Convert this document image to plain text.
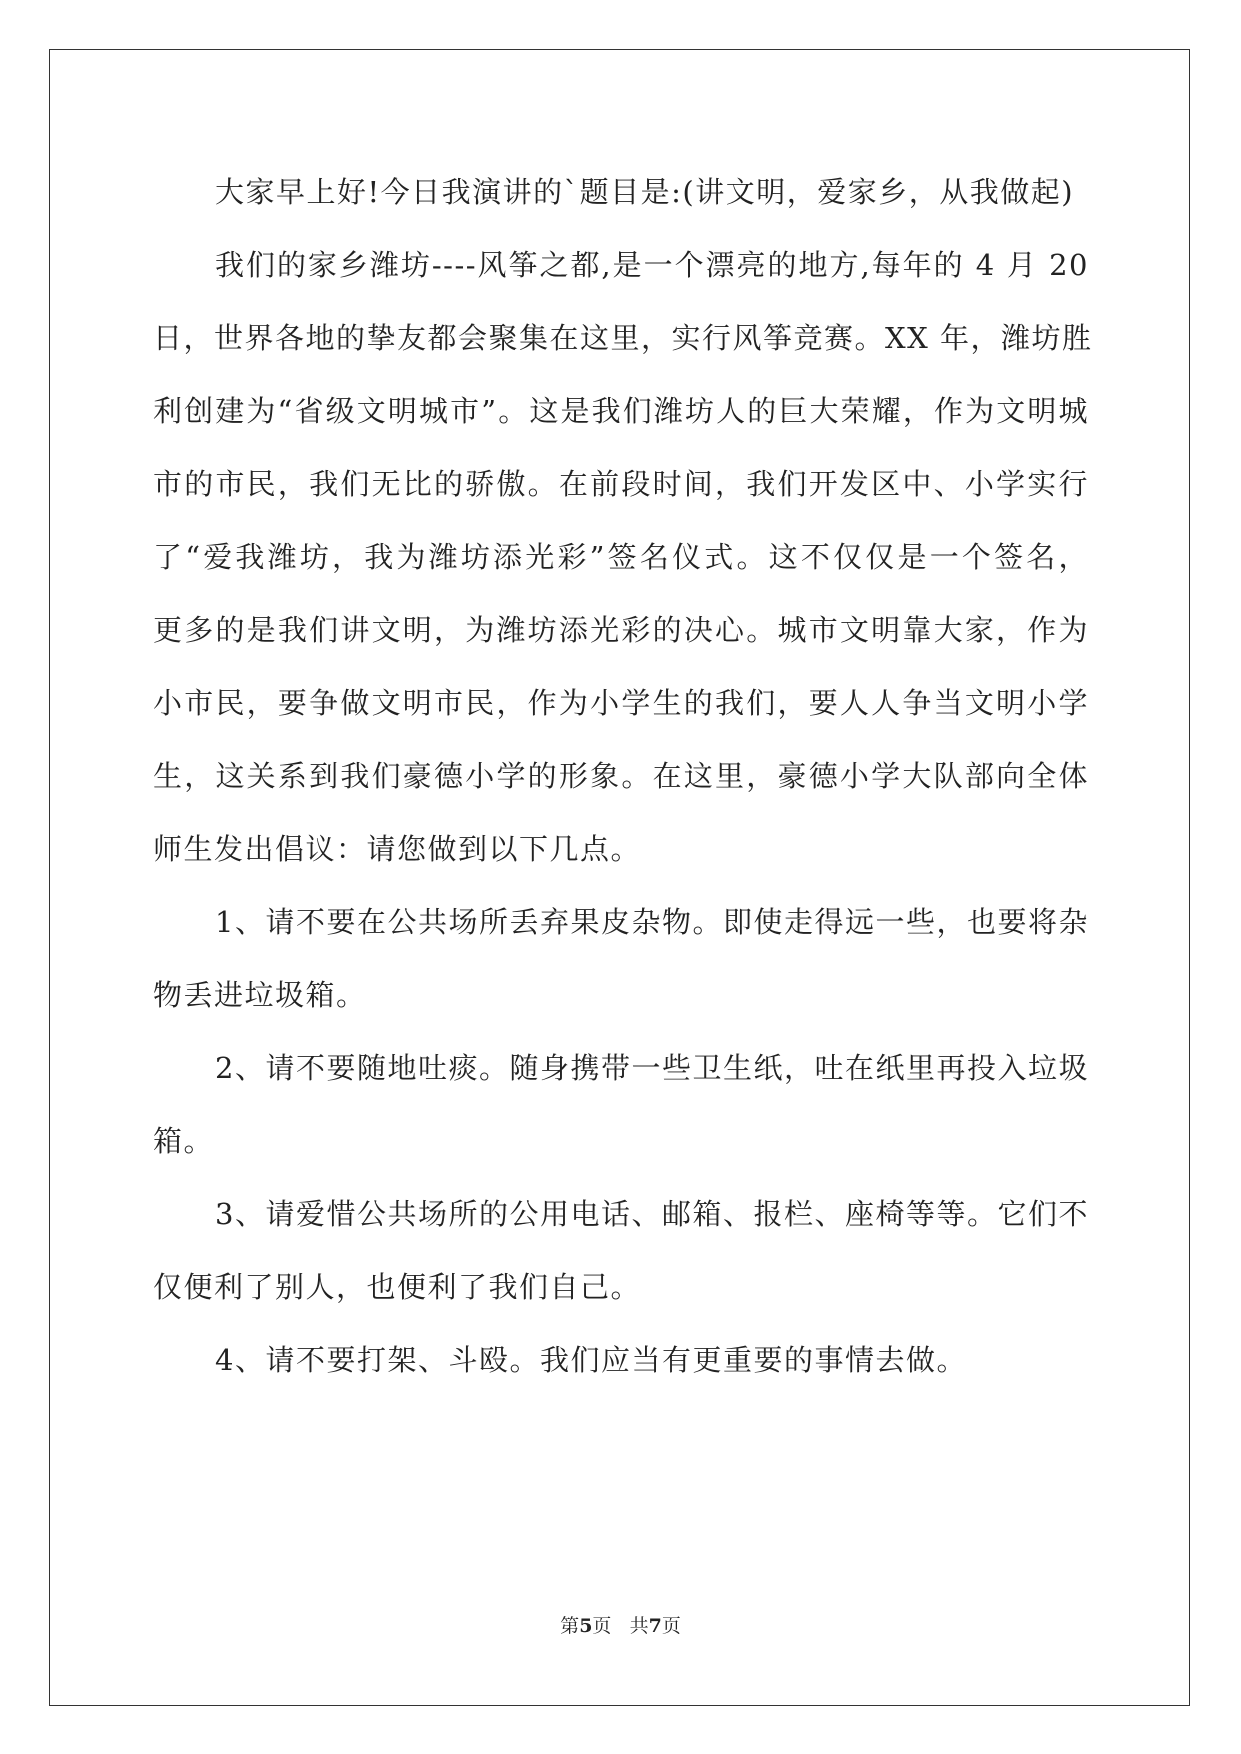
大家早上好!今日我演讲的`题目是:(讲文明，爱家乡，从我做起)
我们的家乡潍坊----风筝之都,是一个漂亮的地方,每年的 4 月 20
日，世界各地的挚友都会聚集在这里，实行风筝竞赛。XX 年，潍坊胜
利创建为“省级文明城市”。这是我们潍坊人的巨大荣耀，作为文明城
市的市民，我们无比的骄傲。在前段时间，我们开发区中、小学实行
了“爱我潍坊，我为潍坊添光彩”签名仪式。这不仅仅是一个签名，
更多的是我们讲文明，为潍坊添光彩的决心。城市文明靠大家，作为
小市民，要争做文明市民，作为小学生的我们，要人人争当文明小学
生，这关系到我们豪德小学的形象。在这里，豪德小学大队部向全体
师生发出倡议：请您做到以下几点。
1、请不要在公共场所丢弃果皮杂物。即使走得远一些，也要将杂
物丢进垃圾箱。
2、请不要随地吐痰。随身携带一些卫生纸，吐在纸里再投入垃圾
箱。
3、请爱惜公共场所的公用电话、邮箱、报栏、座椅等等。它们不
仅便利了别人，也便利了我们自己。
4、请不要打架、斗殴。我们应当有更重要的事情去做。
第5页 共7页
